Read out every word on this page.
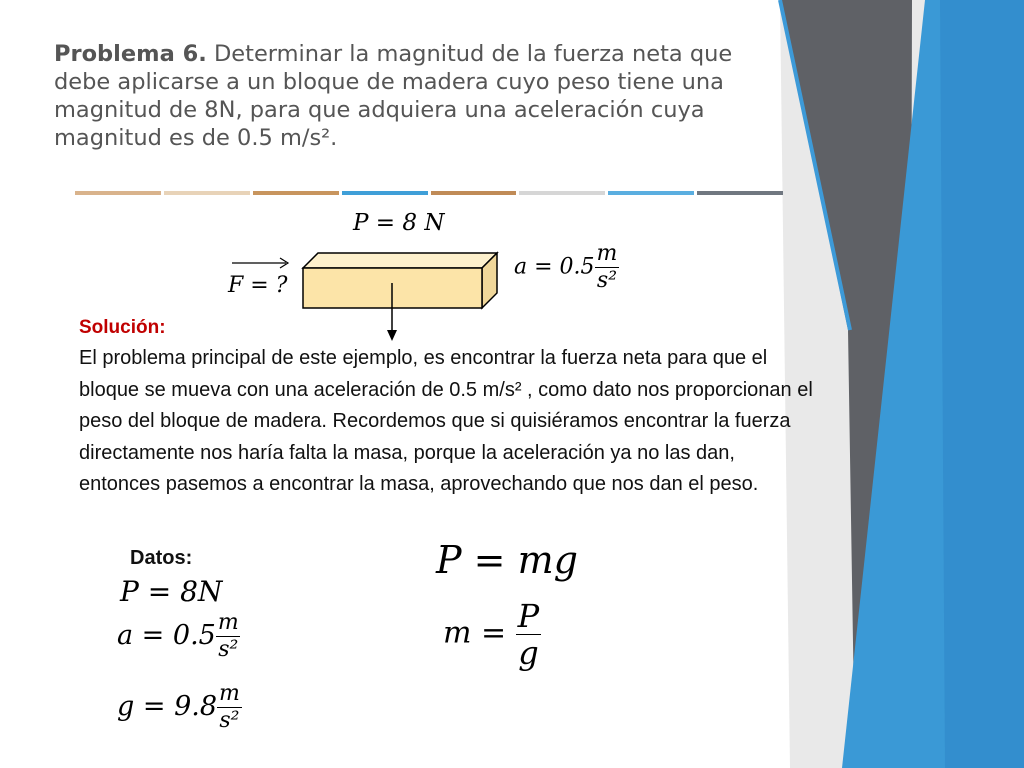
Problema 6. Determinar la magnitud de la fuerza neta que debe aplicarse a un bloque de madera cuyo peso tiene una magnitud de 8N, para que adquiera una aceleración cuya magnitud es de 0.5 m/s².

P = 8 N
F = ?
$a = 0.5 \frac{m}{\text{s²}}$

Solución:

El problema principal de este ejemplo, es encontrar la fuerza neta para que el bloque se mueva con una aceleración de 0.5 m/s² , como dato nos proporcionan el peso del bloque de madera. Recordemos que si quisiéramos encontrar la fuerza directamente nos haría falta la masa, porque la aceleración ya no las dan, entonces pasemos a encontrar la masa, aprovechando que nos dan el peso.

Datos:

P = 8N
$a = 0.5 \frac{m}{\text{s²}}$
$g = 9.8 \frac{m}{\text{s²}}$
P = mg
$m = \frac{P}{g}$
